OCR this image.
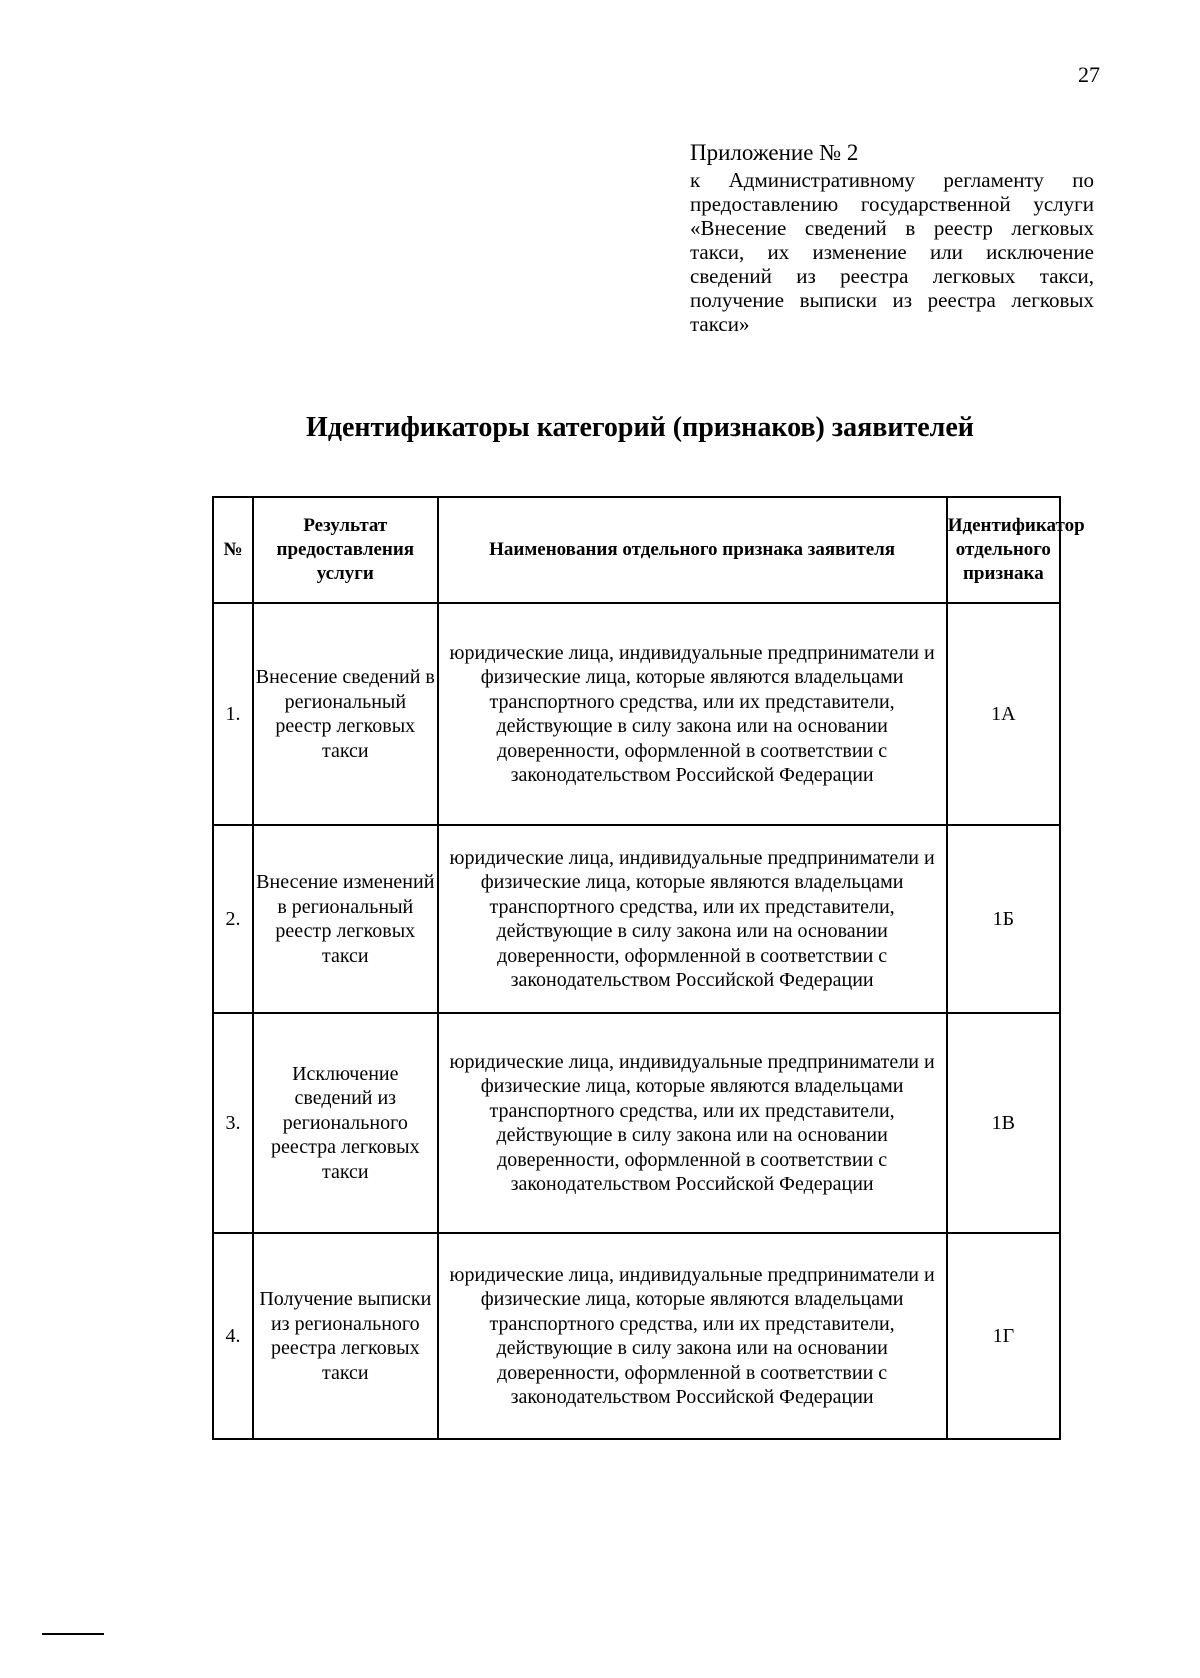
27
Приложение № 2
к Административному регламенту по предоставлению государственной услуги «Внесение сведений в реестр легковых такси, их изменение или исключение сведений из реестра легковых такси, получение выписки из реестра легковых такси»
Идентификаторы категорий (признаков) заявителей
№	Результат предоставления услуги	Наименования отдельного признака заявителя	Идентификатор отдельного признака
1.	Внесение сведений в региональный реестр легковых такси	юридические лица, индивидуальные предприниматели и физические лица, которые являются владельцами транспортного средства, или их представители, действующие в силу закона или на основании доверенности, оформленной в соответствии с законодательством Российской Федерации	1А
2.	Внесение изменений в региональный реестр легковых такси	юридические лица, индивидуальные предприниматели и физические лица, которые являются владельцами транспортного средства, или их представители, действующие в силу закона или на основании доверенности, оформленной в соответствии с законодательством Российской Федерации	1Б
3.	Исключение сведений из регионального реестра легковых такси	юридические лица, индивидуальные предприниматели и физические лица, которые являются владельцами транспортного средства, или их представители, действующие в силу закона или на основании доверенности, оформленной в соответствии с законодательством Российской Федерации	1В
4.	Получение выписки из регионального реестра легковых такси	юридические лица, индивидуальные предприниматели и физические лица, которые являются владельцами транспортного средства, или их представители, действующие в силу закона или на основании доверенности, оформленной в соответствии с законодательством Российской Федерации	1Г
